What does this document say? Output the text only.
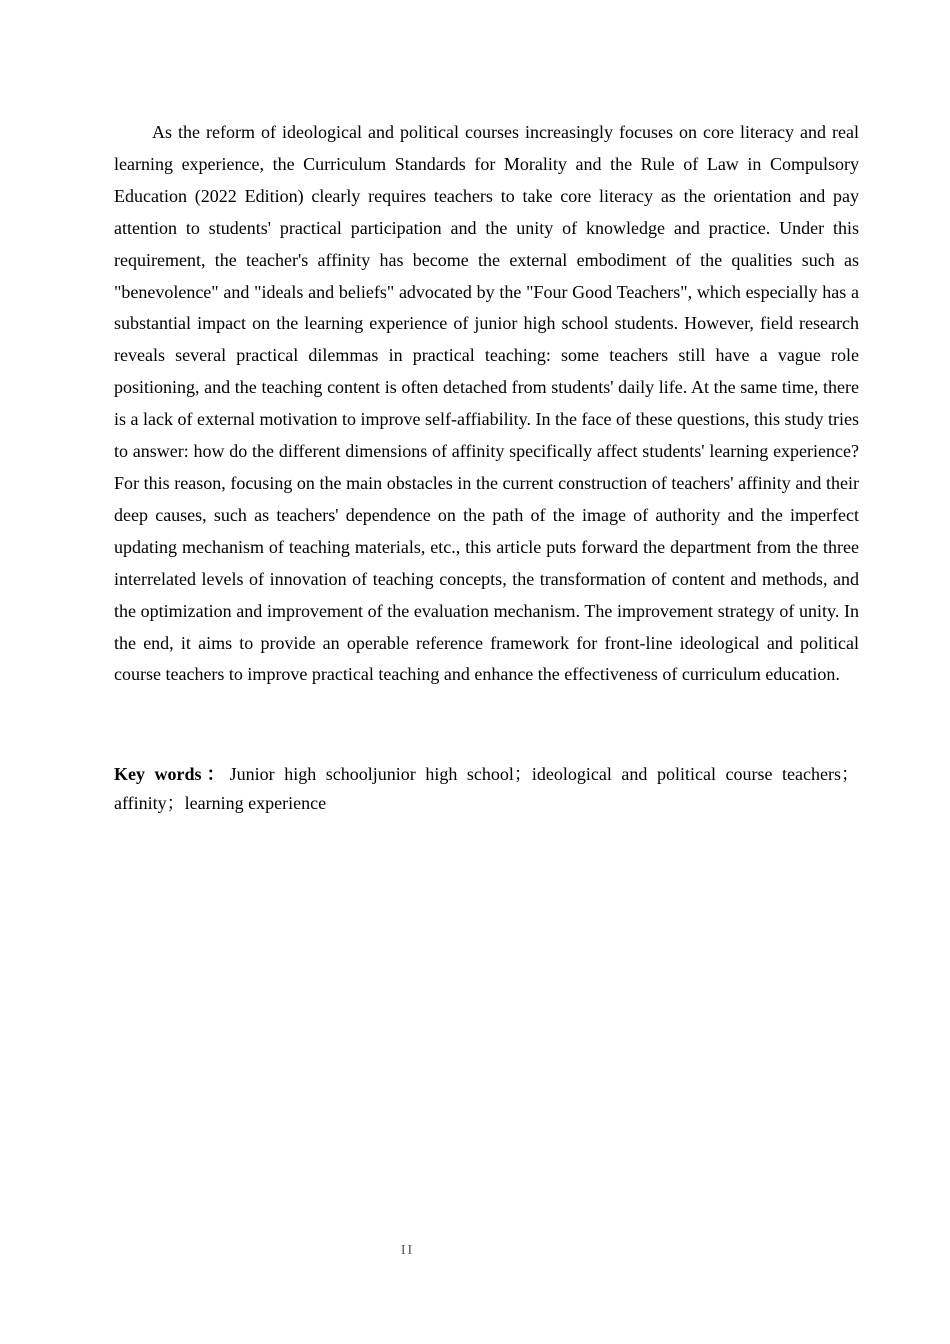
As the reform of ideological and political courses increasingly focuses on core literacy and real learning experience, the Curriculum Standards for Morality and the Rule of Law in Compulsory Education (2022 Edition) clearly requires teachers to take core literacy as the orientation and pay attention to students' practical participation and the unity of knowledge and practice. Under this requirement, the teacher's affinity has become the external embodiment of the qualities such as "benevolence" and "ideals and beliefs" advocated by the "Four Good Teachers", which especially has a substantial impact on the learning experience of junior high school students. However, field research reveals several practical dilemmas in practical teaching: some teachers still have a vague role positioning, and the teaching content is often detached from students' daily life. At the same time, there is a lack of external motivation to improve self-affiability. In the face of these questions, this study tries to answer: how do the different dimensions of affinity specifically affect students' learning experience? For this reason, focusing on the main obstacles in the current construction of teachers' affinity and their deep causes, such as teachers' dependence on the path of the image of authority and the imperfect updating mechanism of teaching materials, etc., this article puts forward the department from the three interrelated levels of innovation of teaching concepts, the transformation of content and methods, and the optimization and improvement of the evaluation mechanism. The improvement strategy of unity. In the end, it aims to provide an operable reference framework for front-line ideological and political course teachers to improve practical teaching and enhance the effectiveness of curriculum education.

Key words：Junior high schooljunior high school；ideological and political course teachers；affinity；learning experience

II
